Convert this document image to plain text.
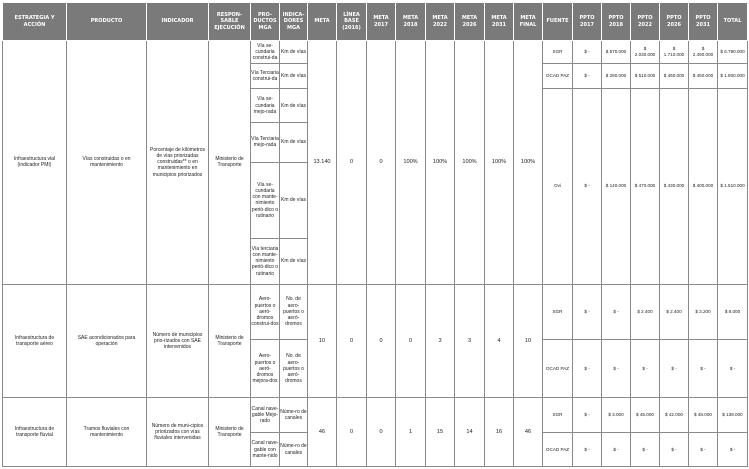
ESTRATEGIA Y ACCIÓN	PRODUCTO	INDICADOR	RESPON-SABLE EJECUCIÓN	PRO-DUCTOS MGA	INDICA-DORES MGA	META	LÍNEA BASE (2016)	META 2017	META 2018	META 2022	META 2026	META 2031	META FINAL	FUENTE	PPTO 2017	PPTO 2018	PPTO 2022	PPTO 2026	PPTO 2031	TOTAL
Infraestructura vial (indicador PMI)	Vías construidas o en mantenimiento	Porcentaje de kilómetros de vías priorizadas construidas** o en mantenimiento en municipios priorizados	Ministerio de Transporte	Vía se-cundaria construi-da	Km de vías	13.140	0	0	100%	100%	100%	100%	100%	SGR	$ -	$ 570.000	$ 2.030.000	$ 1.710.000	$ 2.490.000	$ 6.790.000
				Vía Terciaria construi-da	Km de vías									OCAD PAZ	$ -	$ 280.000	$ 510.000	$ 460.000	$ 450.000	$ 1.800.000
				Vía se-cundaria mejo-rada	Km de vías									Ovi	$ -	$ 140.000	$ 470.000	$ 430.000	$ 400.000	$ 1.510.000
				Vía Terciaria mejo-rada	Km de vías															
				Vía se-cundaria con mante-nimiento perió-dico o rutinario	Km de vías															
				Vía terciaria con mante-nimiento perió-dico o rutinario	Km de vías															
Infraestructura de transporte aéreo	SAE acondicionados para operación	Número de municipios prio-rizados con SAE intervenidos	Ministerio de Transporte	Aero-puertos o aeró-dromos construi-dos	No. de aero-puertos o aeró-dromos	10	0	0	0	3	3	4	10	SGR	$ -	$ -	$ 2.400	$ 2.400	$ 3.200	$ 8.000
				Aero-puertos o aeró-dromos mejora-dos	No. de aero-puertos o aeró-dromos									OCAD PAZ	$ -	$ -	$ -	$ -	$ -	$ -
Infraestructura de transporte fluvial	Tramos fluviales con mantenimiento	Número de muni-cipios priorizados con vías fluviales intervenidas	Ministerio de Transporte	Canal nave-gable Mejo-rado	Núme-ro de canales	46	0	0	1	15	14	16	46	SGR	$ -	$ 3.000	$ 45.000	$ 42.000	$ 48.000	$ 138.000
				Canal nave-gable con mante-nido	Núme-ro de canales									OCAD PAZ	$ -	$ -	$ -	$ -	$ -	$ -
